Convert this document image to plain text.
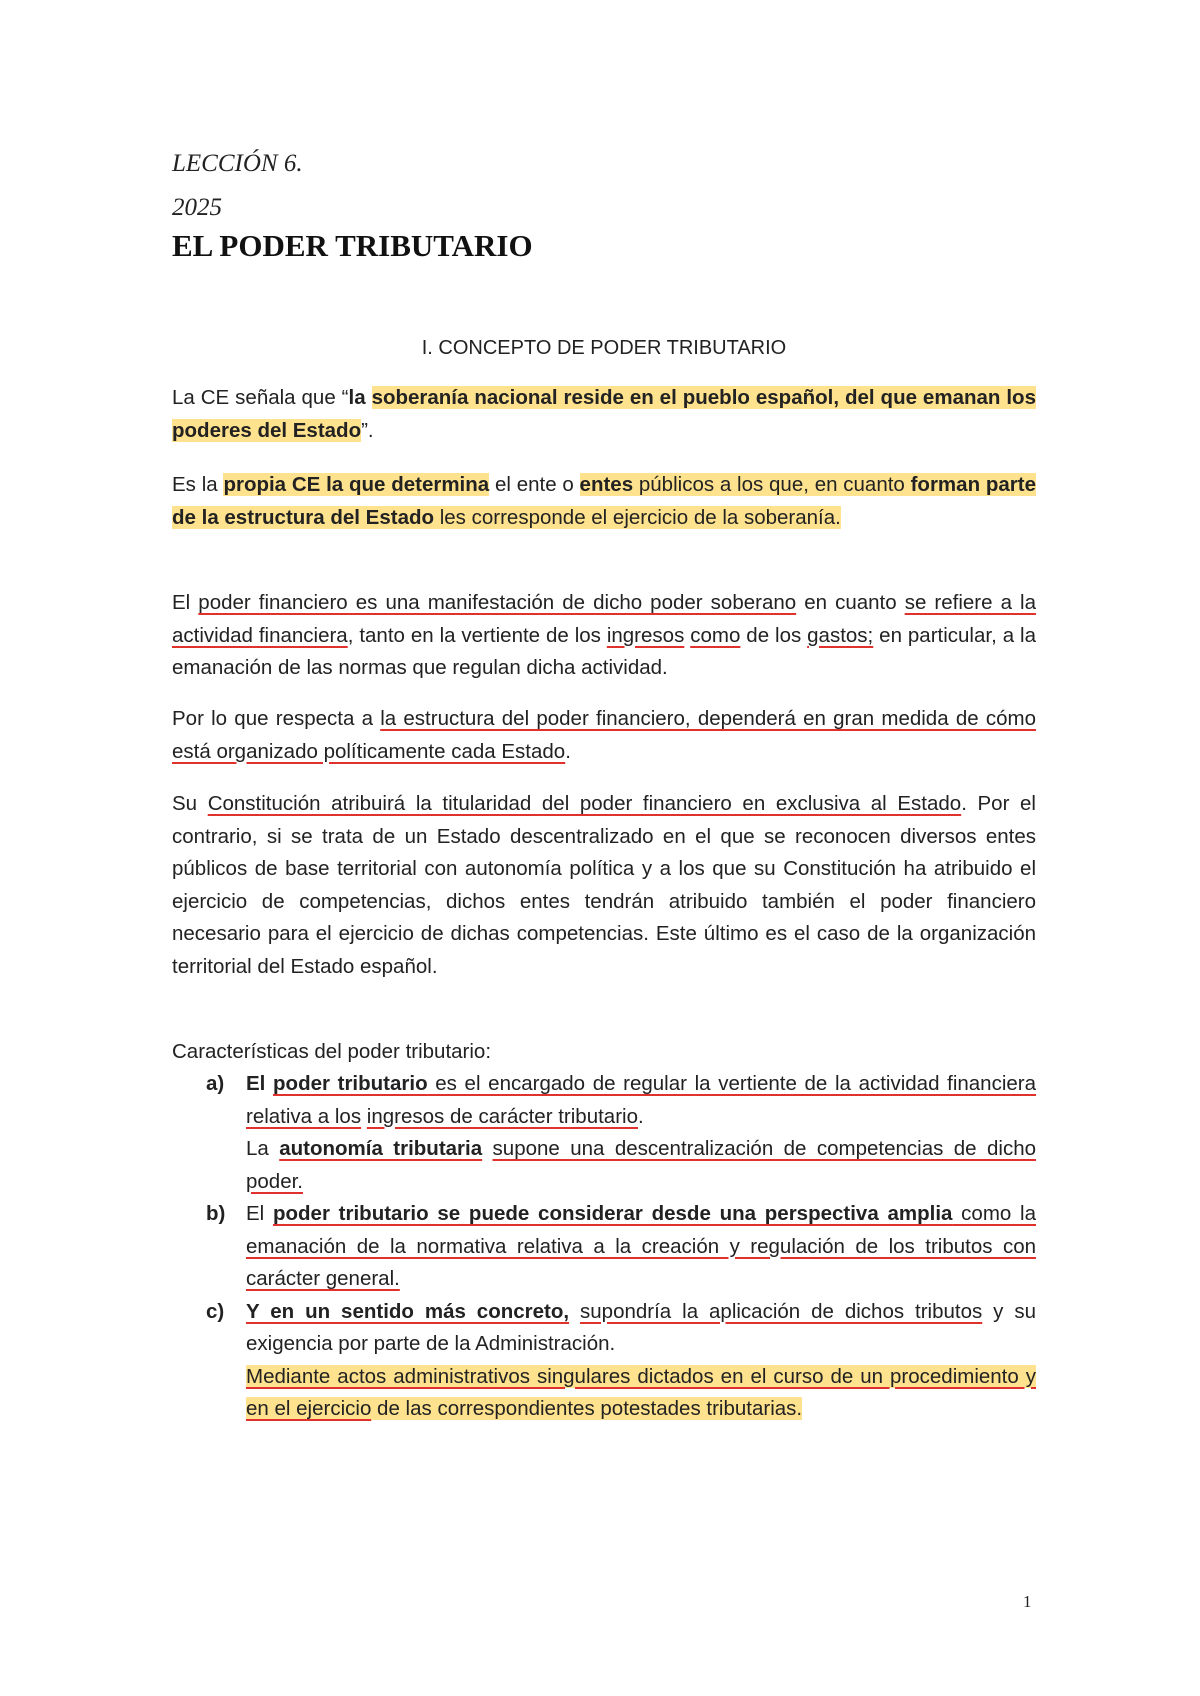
LECCIÓN 6.
2025
EL PODER TRIBUTARIO
I. CONCEPTO DE PODER TRIBUTARIO

La CE señala que “la soberanía nacional reside en el pueblo español, del que emanan los poderes del Estado”.

Es la propia CE la que determina el ente o entes públicos a los que, en cuanto forman parte de la estructura del Estado les corresponde el ejercicio de la soberanía.

El poder financiero es una manifestación de dicho poder soberano en cuanto se refiere a la actividad financiera, tanto en la vertiente de los ingresos como de los gastos; en particular, a la emanación de las normas que regulan dicha actividad.

Por lo que respecta a la estructura del poder financiero, dependerá en gran medida de cómo está organizado políticamente cada Estado.

Su Constitución atribuirá la titularidad del poder financiero en exclusiva al Estado. Por el contrario, si se trata de un Estado descentralizado en el que se reconocen diversos entes públicos de base territorial con autonomía política y a los que su Constitución ha atribuido el ejercicio de competencias, dichos entes tendrán atribuido también el poder financiero necesario para el ejercicio de dichas competencias. Este último es el caso de la organización territorial del Estado español.

Características del poder tributario:

a) El poder tributario es el encargado de regular la vertiente de la actividad financiera relativa a los ingresos de carácter tributario.
La autonomía tributaria supone una descentralización de competencias de dicho poder.
b) El poder tributario se puede considerar desde una perspectiva amplia como la emanación de la normativa relativa a la creación y regulación de los tributos con carácter general.
c) Y en un sentido más concreto, supondría la aplicación de dichos tributos y su exigencia por parte de la Administración.
Mediante actos administrativos singulares dictados en el curso de un procedimiento y en el ejercicio de las correspondientes potestades tributarias.
1
